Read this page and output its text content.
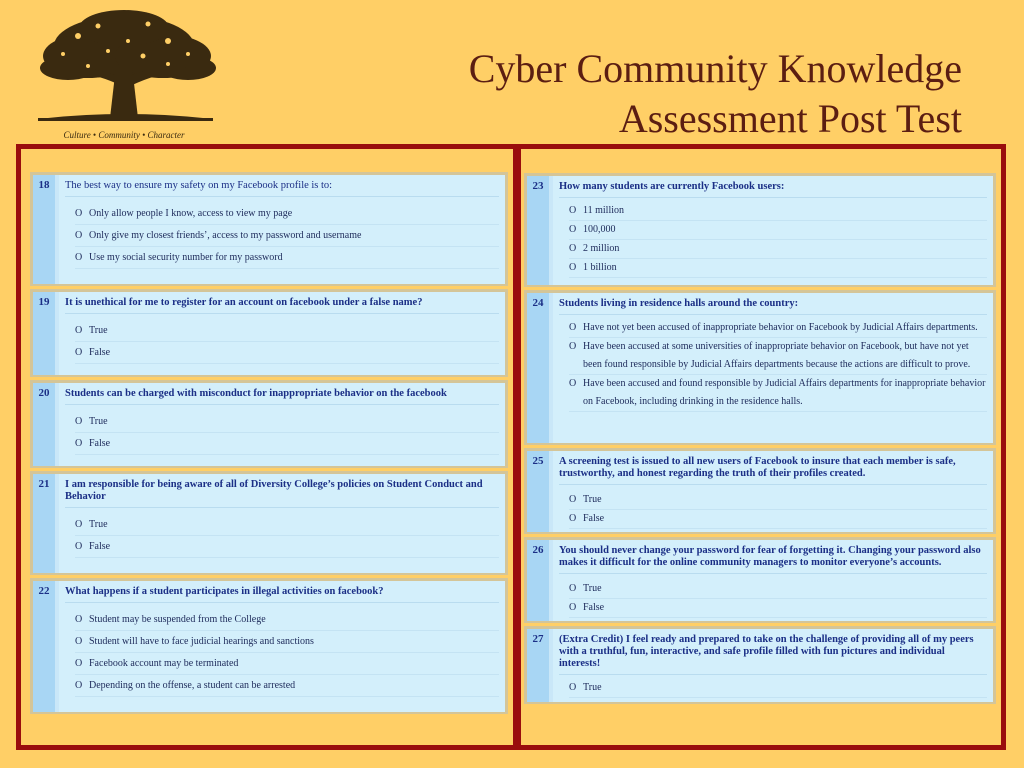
Culture • Community • Character
Cyber Community Knowledge
Assessment Post Test
18	The best way to ensure my safety on my Facebook profile is to:
O Only allow people I know, access to view my page
O Only give my closest friends’, access to my password and username
O Use my social security number for my password
19	It is unethical for me to register for an account on facebook under a false name?
O True
O False
20	Students can be charged with misconduct for inappropriate behavior on the facebook
O True
O False
21	I am responsible for being aware of all of Diversity College’s policies on Student Conduct and Behavior
O True
O False
22	What happens if a student participates in illegal activities on facebook?
O Student may be suspended from the College
O Student will have to face judicial hearings and sanctions
O Facebook account may be terminated
O Depending on the offense, a student can be arrested
23	How many students are currently Facebook users:
O 11 million
O 100,000
O 2 million
O 1 billion
24	Students living in residence halls around the country:
O Have not yet been accused of inappropriate behavior on Facebook by Judicial Affairs departments.
O Have been accused at some universities of inappropriate behavior on Facebook, but have not yet been found responsible by Judicial Affairs departments because the actions are difficult to prove.
O Have been accused and found responsible by Judicial Affairs departments for inappropriate behavior on Facebook, including drinking in the residence halls.
25	A screening test is issued to all new users of Facebook to insure that each member is safe, trustworthy, and honest regarding the truth of their profiles created.
O True
O False
26	You should never change your password for fear of forgetting it. Changing your password also makes it difficult for the online community managers to monitor everyone’s accounts.
O True
O False
27	(Extra Credit) I feel ready and prepared to take on the challenge of providing all of my peers with a truthful, fun, interactive, and safe profile filled with fun pictures and individual interests!
O True
